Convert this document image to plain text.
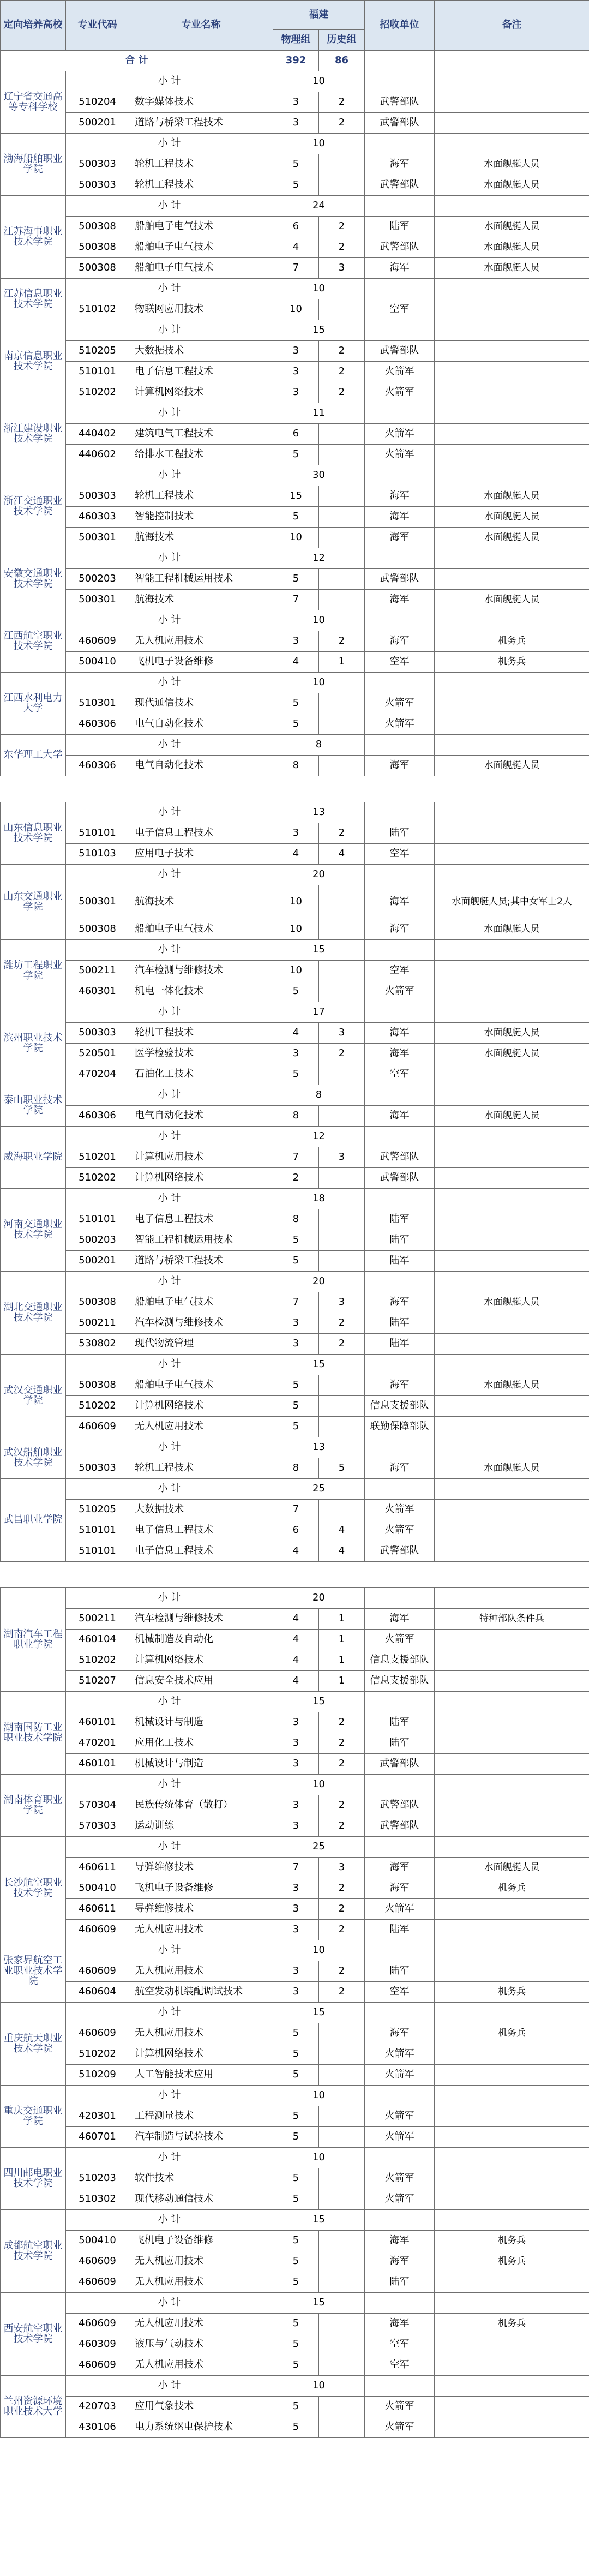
定向培养高校	专业代码	专业名称	福建		招收单位	备注
			物理组	历史组		
合 计			392	86		
辽宁省交通高等专科学校	小 计		10			
	510204	数字媒体技术	3	2	武警部队	
	500201	道路与桥梁工程技术	3	2	武警部队	
渤海船舶职业学院	小 计		10			
	500303	轮机工程技术	5		海军	水面舰艇人员
	500303	轮机工程技术	5		武警部队	水面舰艇人员
江苏海事职业技术学院	小 计		24			
	500308	船舶电子电气技术	6	2	陆军	水面舰艇人员
	500308	船舶电子电气技术	4	2	武警部队	水面舰艇人员
	500308	船舶电子电气技术	7	3	海军	水面舰艇人员
江苏信息职业技术学院	小 计		10			
	510102	物联网应用技术	10		空军	
南京信息职业技术学院	小 计		15			
	510205	大数据技术	3	2	武警部队	
	510101	电子信息工程技术	3	2	火箭军	
	510202	计算机网络技术	3	2	火箭军	
浙江建设职业技术学院	小 计		11			
	440402	建筑电气工程技术	6		火箭军	
	440602	给排水工程技术	5		火箭军	
浙江交通职业技术学院	小 计		30			
	500303	轮机工程技术	15		海军	水面舰艇人员
	460303	智能控制技术	5		海军	水面舰艇人员
	500301	航海技术	10		海军	水面舰艇人员
安徽交通职业技术学院	小 计		12			
	500203	智能工程机械运用技术	5		武警部队	
	500301	航海技术	7		海军	水面舰艇人员
江西航空职业技术学院	小 计		10			
	460609	无人机应用技术	3	2	海军	机务兵
	500410	飞机电子设备维修	4	1	空军	机务兵
江西水利电力大学	小 计		10			
	510301	现代通信技术	5		火箭军	
	460306	电气自动化技术	5		火箭军	
东华理工大学	小 计		8			
	460306	电气自动化技术	8		海军	水面舰艇人员

山东信息职业技术学院	小 计		13			
	510101	电子信息工程技术	3	2	陆军	
	510103	应用电子技术	4	4	空军	
山东交通职业学院	小 计		20			
	500301	航海技术	10		海军	水面舰艇人员;其中女军士2人
	500308	船舶电子电气技术	10		海军	水面舰艇人员
潍坊工程职业学院	小 计		15			
	500211	汽车检测与维修技术	10		空军	
	460301	机电一体化技术	5		火箭军	
滨州职业技术学院	小 计		17			
	500303	轮机工程技术	4	3	海军	水面舰艇人员
	520501	医学检验技术	3	2	海军	水面舰艇人员
	470204	石油化工技术	5		空军	
泰山职业技术学院	小 计		8			
	460306	电气自动化技术	8		海军	水面舰艇人员
威海职业学院	小 计		12			
	510201	计算机应用技术	7	3	武警部队	
	510202	计算机网络技术	2		武警部队	
河南交通职业技术学院	小 计		18			
	510101	电子信息工程技术	8		陆军	
	500203	智能工程机械运用技术	5		陆军	
	500201	道路与桥梁工程技术	5		陆军	
湖北交通职业技术学院	小 计		20			
	500308	船舶电子电气技术	7	3	海军	水面舰艇人员
	500211	汽车检测与维修技术	3	2	陆军	
	530802	现代物流管理	3	2	陆军	
武汉交通职业学院	小 计		15			
	500308	船舶电子电气技术	5		海军	水面舰艇人员
	510202	计算机网络技术	5		信息支援部队	
	460609	无人机应用技术	5		联勤保障部队	
武汉船舶职业技术学院	小 计		13			
	500303	轮机工程技术	8	5	海军	水面舰艇人员
武昌职业学院	小 计		25			
	510205	大数据技术	7		火箭军	
	510101	电子信息工程技术	6	4	火箭军	
	510101	电子信息工程技术	4	4	武警部队	

湖南汽车工程职业学院	小 计		20			
	500211	汽车检测与维修技术	4	1	海军	特种部队条件兵
	460104	机械制造及自动化	4	1	火箭军	
	510202	计算机网络技术	4	1	信息支援部队	
	510207	信息安全技术应用	4	1	信息支援部队	
湖南国防工业职业技术学院	小 计		15			
	460101	机械设计与制造	3	2	陆军	
	470201	应用化工技术	3	2	陆军	
	460101	机械设计与制造	3	2	武警部队	
湖南体育职业学院	小 计		10			
	570304	民族传统体育（散打）	3	2	武警部队	
	570303	运动训练	3	2	武警部队	
长沙航空职业技术学院	小 计		25			
	460611	导弹维修技术	7	3	海军	水面舰艇人员
	500410	飞机电子设备维修	3	2	海军	机务兵
	460611	导弹维修技术	3	2	火箭军	
	460609	无人机应用技术	3	2	陆军	
张家界航空工业职业技术学院	小 计		10			
	460609	无人机应用技术	3	2	陆军	
	460604	航空发动机装配调试技术	3	2	空军	机务兵
重庆航天职业技术学院	小 计		15			
	460609	无人机应用技术	5		海军	机务兵
	510202	计算机网络技术	5		火箭军	
	510209	人工智能技术应用	5		火箭军	
重庆交通职业学院	小 计		10			
	420301	工程测量技术	5		火箭军	
	460701	汽车制造与试验技术	5		火箭军	
四川邮电职业技术学院	小 计		10			
	510203	软件技术	5		火箭军	
	510302	现代移动通信技术	5		火箭军	
成都航空职业技术学院	小 计		15			
	500410	飞机电子设备维修	5		海军	机务兵
	460609	无人机应用技术	5		海军	机务兵
	460609	无人机应用技术	5		陆军	
西安航空职业技术学院	小 计		15			
	460609	无人机应用技术	5		海军	机务兵
	460309	液压与气动技术	5		空军	
	460609	无人机应用技术	5		空军	
兰州资源环境职业技术大学	小 计		10			
	420703	应用气象技术	5		火箭军	
	430106	电力系统继电保护技术	5		火箭军	
